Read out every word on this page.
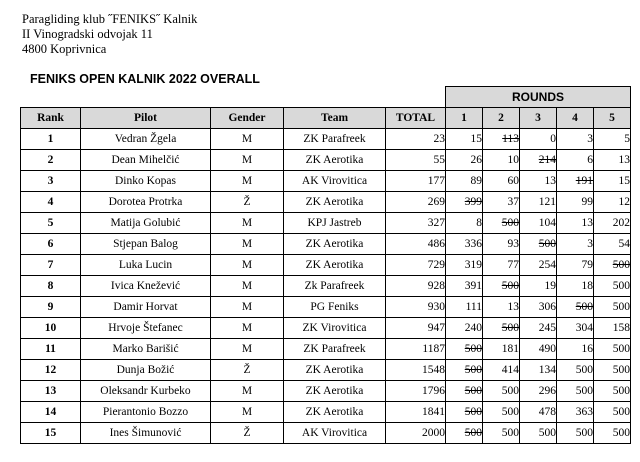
Paragliding klub ˝FENIKS˝ Kalnik
II Vinogradski odvojak 11
4800 Koprivnica
FENIKS OPEN KALNIK 2022 OVERALL
					ROUNDS				
Rank	Pilot	Gender	Team	TOTAL	1	2	3	4	5
1	Vedran Žgela	M	ZK Parafreek	23	15	113	0	3	5
2	Dean Mihelčić	M	ZK Aerotika	55	26	10	214	6	13
3	Dinko Kopas	M	AK Virovitica	177	89	60	13	191	15
4	Dorotea Protrka	Ž	ZK Aerotika	269	399	37	121	99	12
5	Matija Golubić	M	KPJ Jastreb	327	8	500	104	13	202
6	Stjepan Balog	M	ZK Aerotika	486	336	93	500	3	54
7	Luka Lucin	M	ZK Aerotika	729	319	77	254	79	500
8	Ivica Knežević	M	Zk Parafreek	928	391	500	19	18	500
9	Damir Horvat	M	PG Feniks	930	111	13	306	500	500
10	Hrvoje Štefanec	M	ZK Virovitica	947	240	500	245	304	158
11	Marko Barišić	M	ZK Parafreek	1187	500	181	490	16	500
12	Dunja Božić	Ž	ZK Aerotika	1548	500	414	134	500	500
13	Oleksandr Kurbeko	M	ZK Aerotika	1796	500	500	296	500	500
14	Pierantonio Bozzo	M	ZK Aerotika	1841	500	500	478	363	500
15	Ines Šimunović	Ž	AK Virovitica	2000	500	500	500	500	500
